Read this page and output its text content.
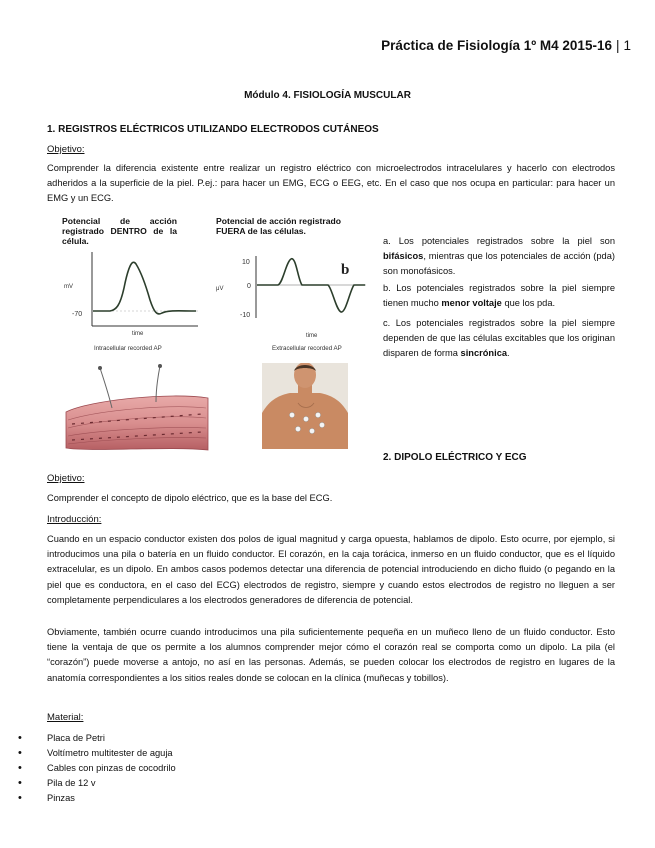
Práctica de Fisiología 1º M4 2015-16 | 1
Módulo 4. FISIOLOGÍA MUSCULAR
1. REGISTROS ELÉCTRICOS UTILIZANDO ELECTRODOS CUTÁNEOS
Objetivo:
Comprender la diferencia existente entre realizar un registro eléctrico con microelectrodos intracelulares y hacerlo con electrodos adheridos a la superficie de la piel. P.ej.: para hacer un EMG, ECG o EEG, etc. En el caso que nos ocupa en particular: para hacer un EMG y un ECG.
Potencial de acción registrado DENTRO de la célula.
mV
-70
time
Intracellular recorded AP
Potencial de acción registrado FUERA de las células.
μV
10
0
-10
b
time
Extracellular recorded AP
a. Los potenciales registrados sobre la piel son bifásicos, mientras que los potenciales de acción (pda) son monofásicos.
b. Los potenciales registrados sobre la piel siempre tienen mucho menor voltaje que los pda.
c. Los potenciales registrados sobre la piel siempre dependen de que las células excitables que los originan disparen de forma sincrónica.
2. DIPOLO ELÉCTRICO Y ECG
Objetivo:
Comprender el concepto de dipolo eléctrico, que es la base del ECG.
Introducción:
Cuando en un espacio conductor existen dos polos de igual magnitud y carga opuesta, hablamos de dipolo. Esto ocurre, por ejemplo, si introducimos una pila o batería en un fluido conductor. El corazón, en la caja torácica, inmerso en un fluido conductor, que es el líquido extracelular, es un dipolo. En ambos casos podemos detectar una diferencia de potencial introduciendo en dicho fluido (o pegando en la piel que es conductora, en el caso del ECG) electrodos de registro, siempre y cuando estos electrodos de registro no lleguen a ser completamente perpendiculares a los electrodos generadores de diferencia de potencial.
Obviamente, también ocurre cuando introducimos una pila suficientemente pequeña en un muñeco lleno de un fluido conductor. Esto tiene la ventaja de que os permite a los alumnos comprender mejor cómo el corazón real se comporta como un dipolo. La pila (el “corazón”) puede moverse a antojo, no así en las personas. Además, se pueden colocar los electrodos de registro en lugares de la anatomía correspondientes a los sitios reales donde se colocan en la clínica (muñecas y tobillos).
Material:
•	Placa de Petri
•	Voltímetro multitester de aguja
•	Cables con pinzas de cocodrilo
•	Pila de 12 v
•	Pinzas
